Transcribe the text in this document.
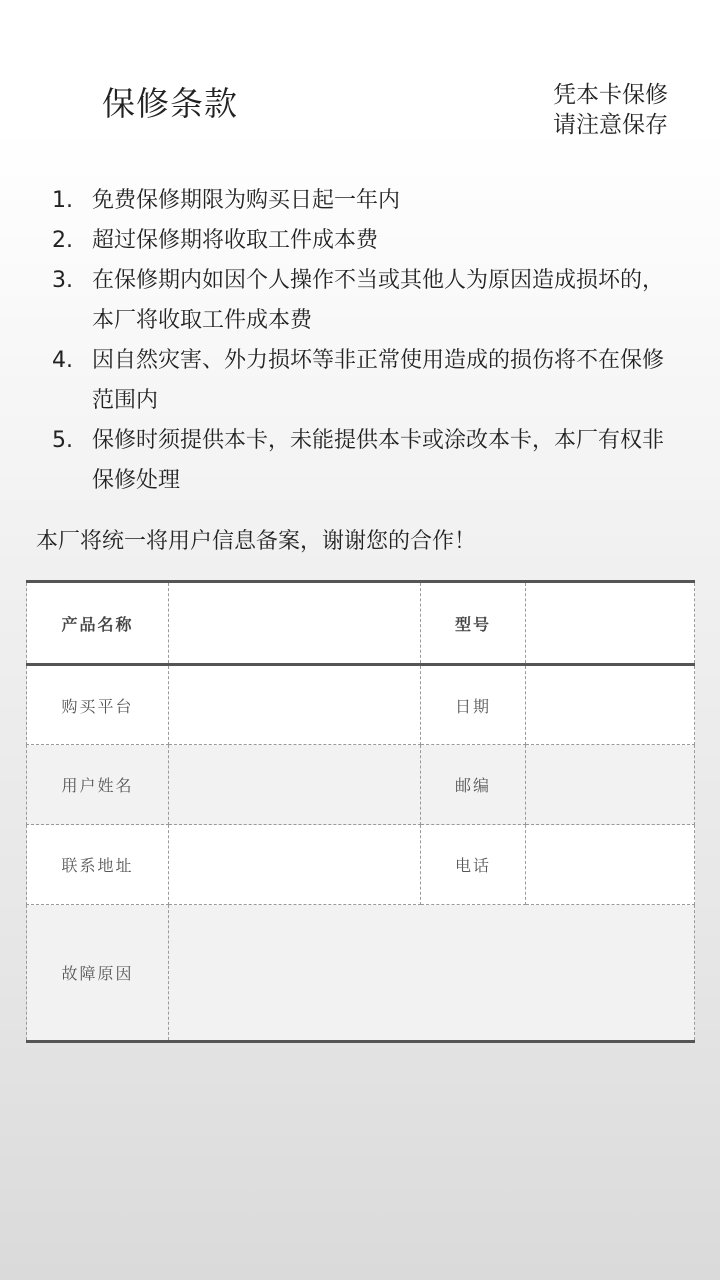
保修条款	凭本卡保修
请注意保存
1. 免费保修期限为购买日起一年内
2. 超过保修期将收取工件成本费
3. 在保修期内如因个人操作不当或其他人为原因造成损坏的，本厂将收取工件成本费
4. 因自然灾害、外力损坏等非正常使用造成的损伤将不在保修范围内
5. 保修时须提供本卡，未能提供本卡或涂改本卡，本厂有权非保修处理
本厂将统一将用户信息备案，谢谢您的合作！
产品名称		型号	
购买平台		日期	
用户姓名		邮编	
联系地址		电话	
故障原因			
